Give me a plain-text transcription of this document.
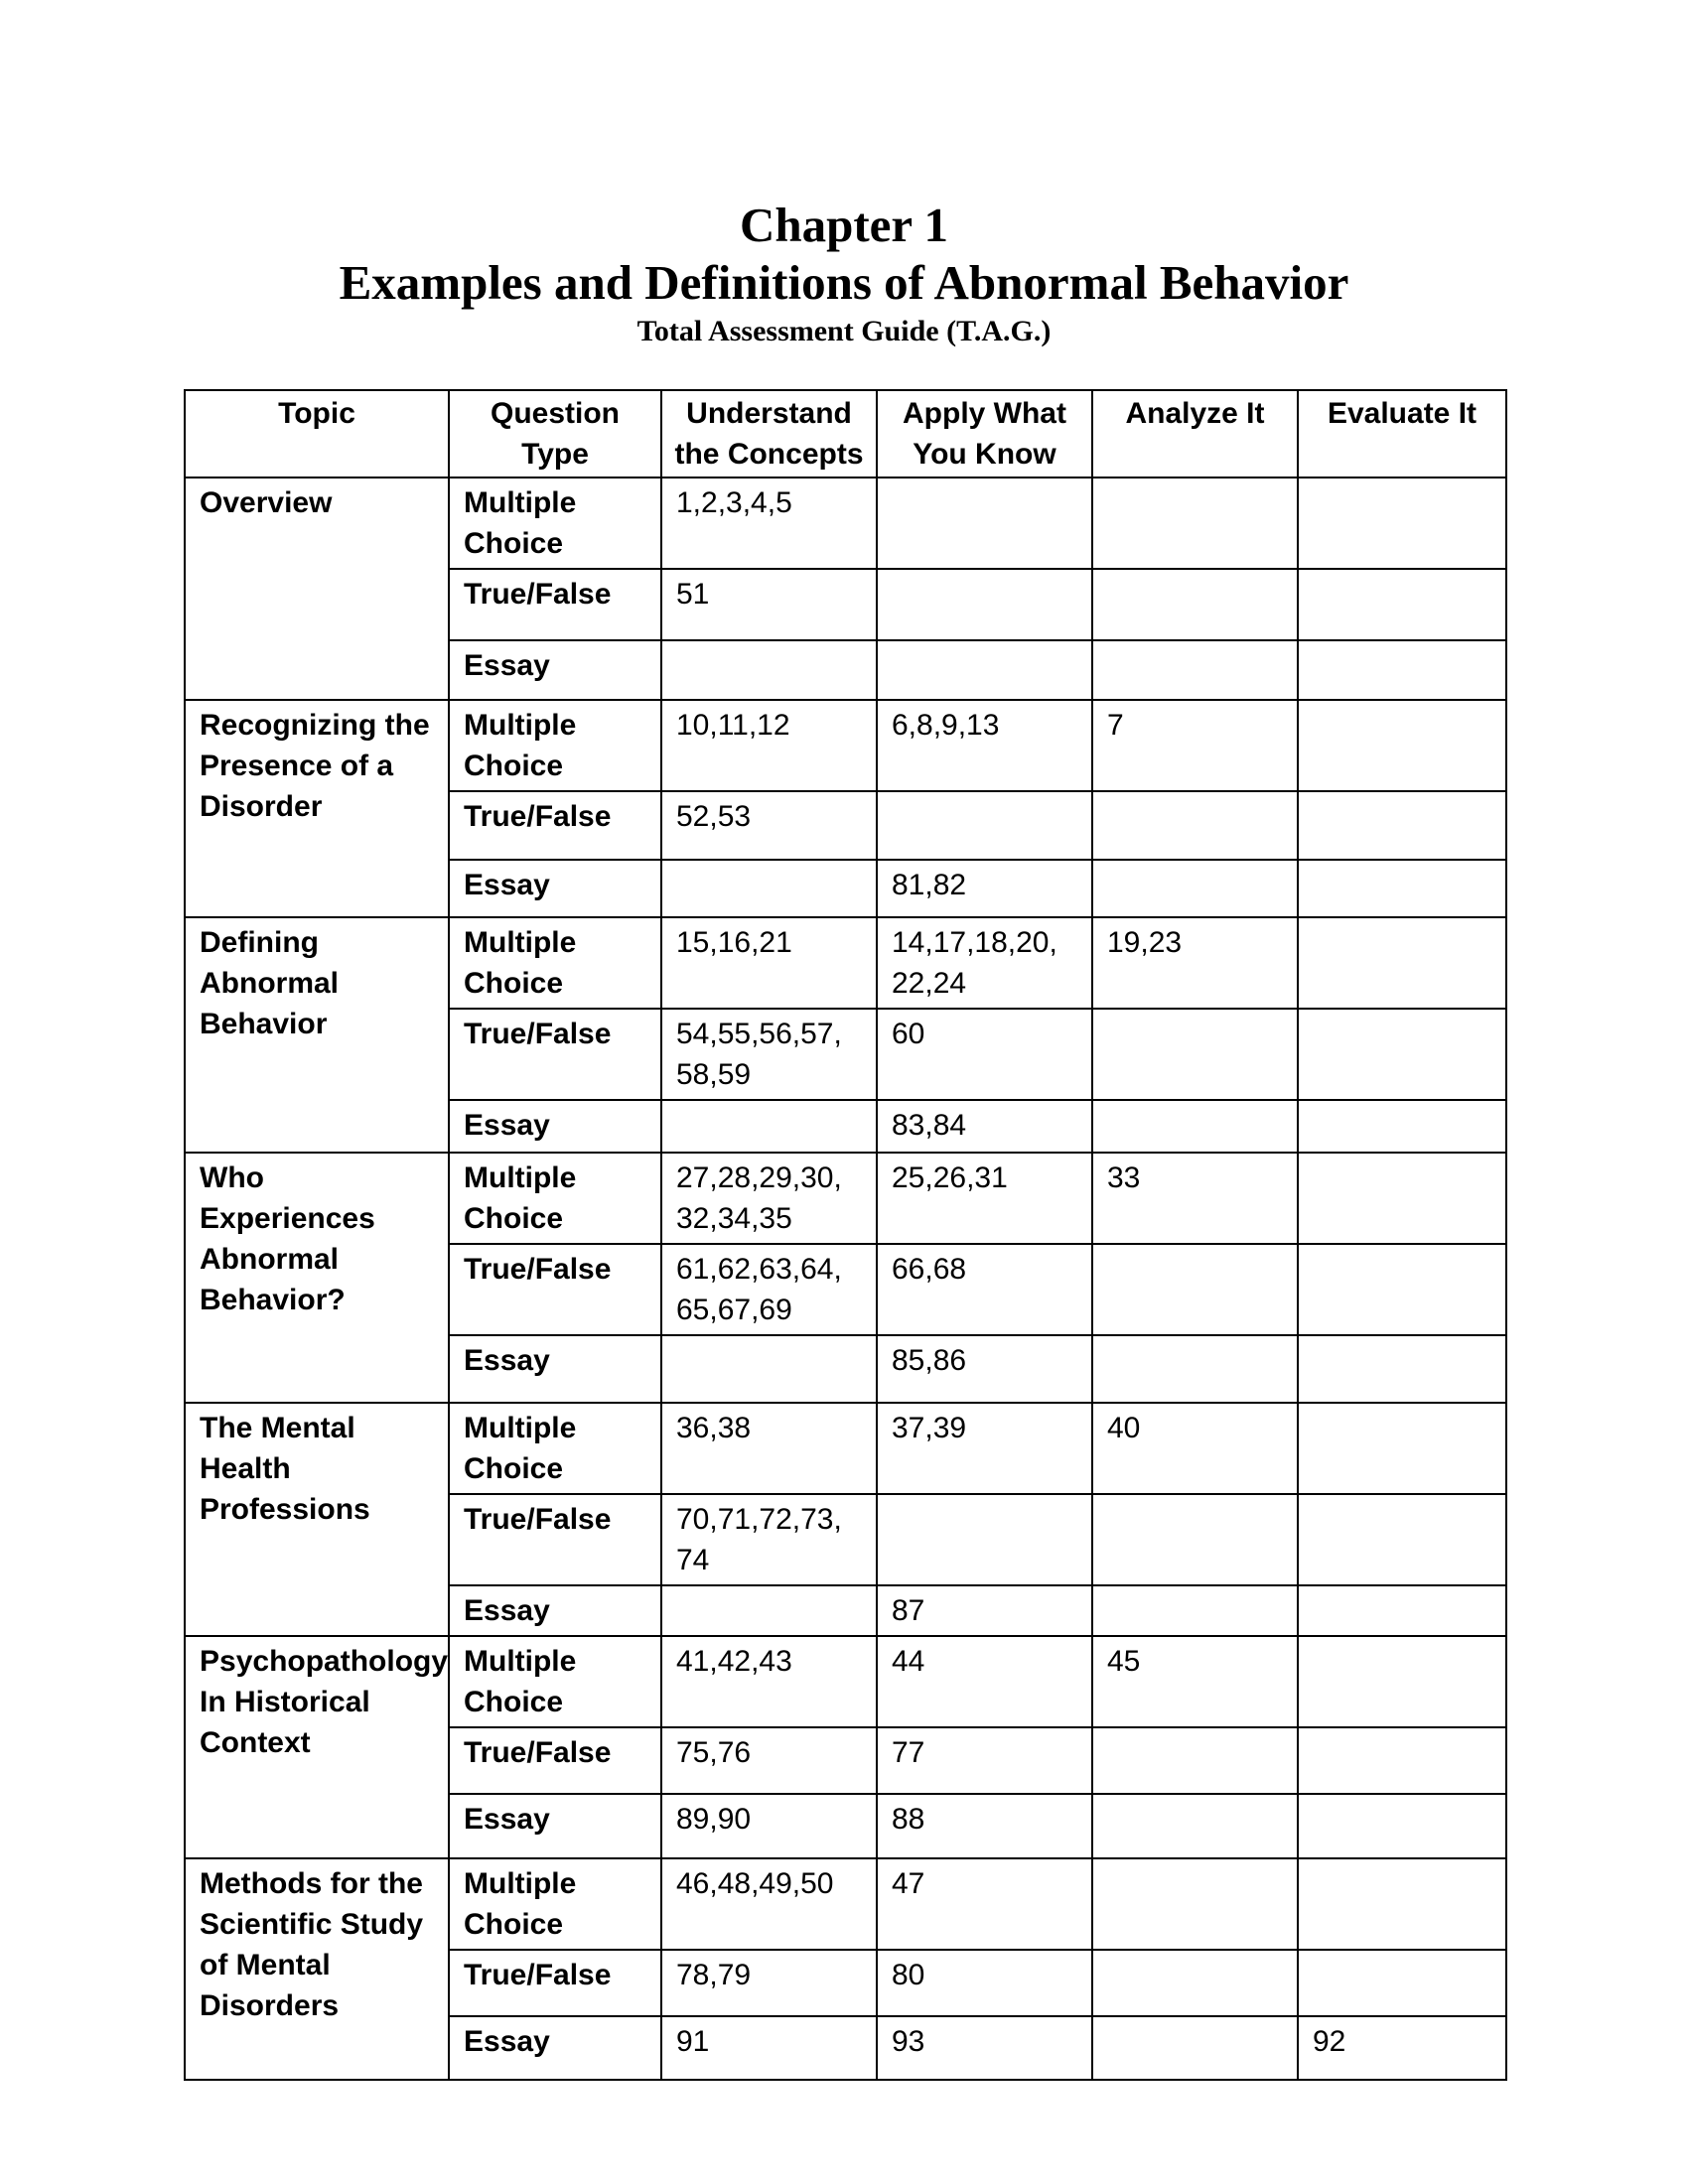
Chapter 1
Examples and Definitions of Abnormal Behavior
Total Assessment Guide (T.A.G.)
Topic	Question Type	Understand the Concepts	Apply What You Know	Analyze It	Evaluate It
Overview	Multiple Choice	1,2,3,4,5			
	True/False	51			
	Essay				
Recognizing the Presence of a Disorder	Multiple Choice	10,11,12	6,8,9,13	7	
	True/False	52,53			
	Essay		81,82		
Defining Abnormal Behavior	Multiple Choice	15,16,21	14,17,18,20, 22,24	19,23	
	True/False	54,55,56,57, 58,59	60		
	Essay		83,84		
Who Experiences Abnormal Behavior?	Multiple Choice	27,28,29,30, 32,34,35	25,26,31	33	
	True/False	61,62,63,64, 65,67,69	66,68		
	Essay		85,86		
The Mental Health Professions	Multiple Choice	36,38	37,39	40	
	True/False	70,71,72,73, 74			
	Essay		87		
Psychopathology In Historical Context	Multiple Choice	41,42,43	44	45	
	True/False	75,76	77		
	Essay	89,90	88		
Methods for the Scientific Study of Mental Disorders	Multiple Choice	46,48,49,50	47		
	True/False	78,79	80		
	Essay	91	93		92
